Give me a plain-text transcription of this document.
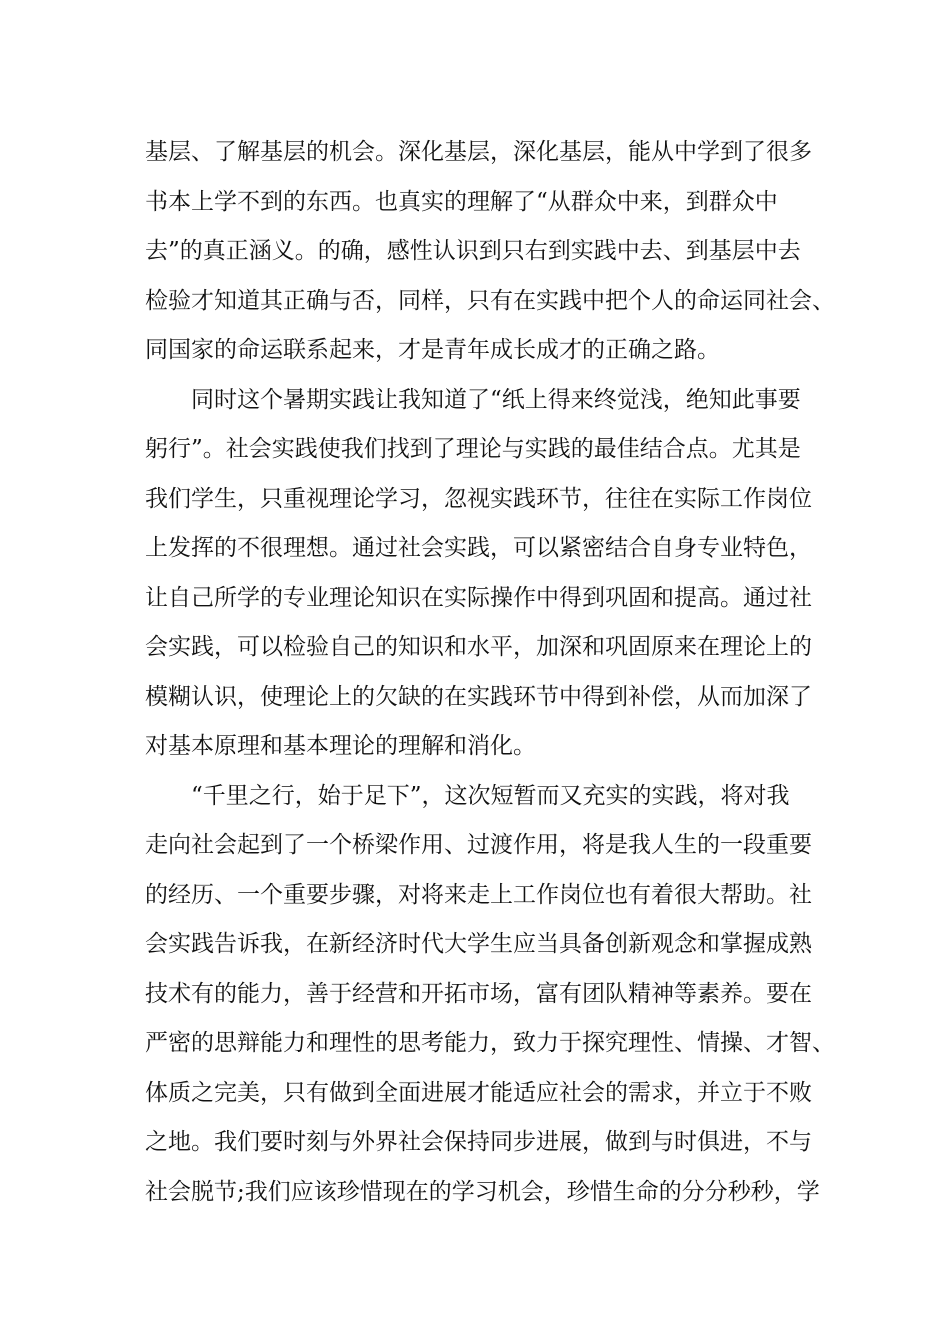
基层、了解基层的机会。深化基层，深化基层，能从中学到了很多
书本上学不到的东西。也真实的理解了“从群众中来，到群众中
去”的真正涵义。的确，感性认识到只右到实践中去、到基层中去
检验才知道其正确与否，同样，只有在实践中把个人的命运同社会、
同国家的命运联系起来，才是青年成长成才的正确之路。
同时这个暑期实践让我知道了“纸上得来终觉浅，绝知此事要
躬行”。社会实践使我们找到了理论与实践的最佳结合点。尤其是
我们学生，只重视理论学习，忽视实践环节，往往在实际工作岗位
上发挥的不很理想。通过社会实践，可以紧密结合自身专业特色，
让自己所学的专业理论知识在实际操作中得到巩固和提高。通过社
会实践，可以检验自己的知识和水平，加深和巩固原来在理论上的
模糊认识，使理论上的欠缺的在实践环节中得到补偿，从而加深了
对基本原理和基本理论的理解和消化。
“千里之行，始于足下”，这次短暂而又充实的实践，将对我
走向社会起到了一个桥梁作用、过渡作用，将是我人生的一段重要
的经历、一个重要步骤，对将来走上工作岗位也有着很大帮助。社
会实践告诉我，在新经济时代大学生应当具备创新观念和掌握成熟
技术有的能力，善于经营和开拓市场，富有团队精神等素养。要在
严密的思辩能力和理性的思考能力，致力于探究理性、情操、才智、
体质之完美，只有做到全面进展才能适应社会的需求，并立于不败
之地。我们要时刻与外界社会保持同步进展，做到与时俱进，不与
社会脱节;我们应该珍惜现在的学习机会，珍惜生命的分分秒秒，学
